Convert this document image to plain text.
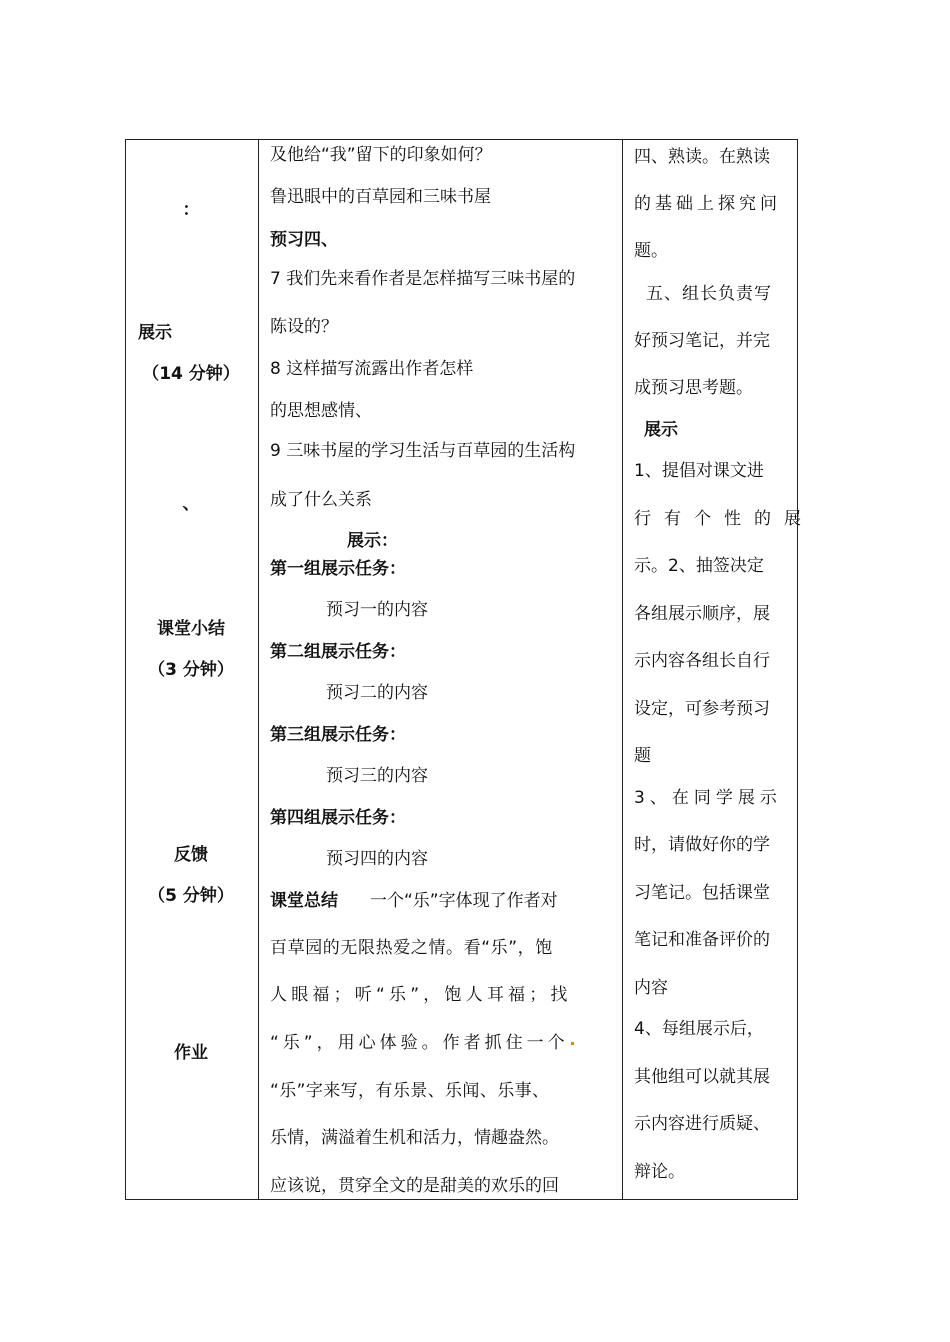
：
展示
（14 分钟）
、
课堂小结
（3 分钟）
反馈
（5 分钟）
作业
及他给“我”留下的印象如何？
鲁迅眼中的百草园和三味书屋
预习四、
7 我们先来看作者是怎样描写三味书屋的
陈设的？
8 这样描写流露出作者怎样
的思想感情、
9 三味书屋的学习生活与百草园的生活构
成了什么关系
展示：
第一组展示任务：
预习一的内容
第二组展示任务：
预习二的内容
第三组展示任务：
预习三的内容
第四组展示任务：
预习四的内容
课堂总结 一个“乐”字体现了作者对
百草园的无限热爱之情。看“乐”，饱
人眼福；听“乐”，饱人耳福；找
“乐”，用心体验。作者抓住一个
“乐”字来写，有乐景、乐闻、乐事、
乐情，满溢着生机和活力，情趣盎然。
应该说，贯穿全文的是甜美的欢乐的回
四、熟读。在熟读
的基础上探究问
题。
五、组长负责写
好预习笔记，并完
成预习思考题。
展示
1、提倡对课文进
行有个性的展
示。2、抽签决定
各组展示顺序，展
示内容各组长自行
设定，可参考预习
题
3、在同学展示
时，请做好你的学
习笔记。包括课堂
笔记和准备评价的
内容
4、每组展示后，
其他组可以就其展
示内容进行质疑、
辩论。
